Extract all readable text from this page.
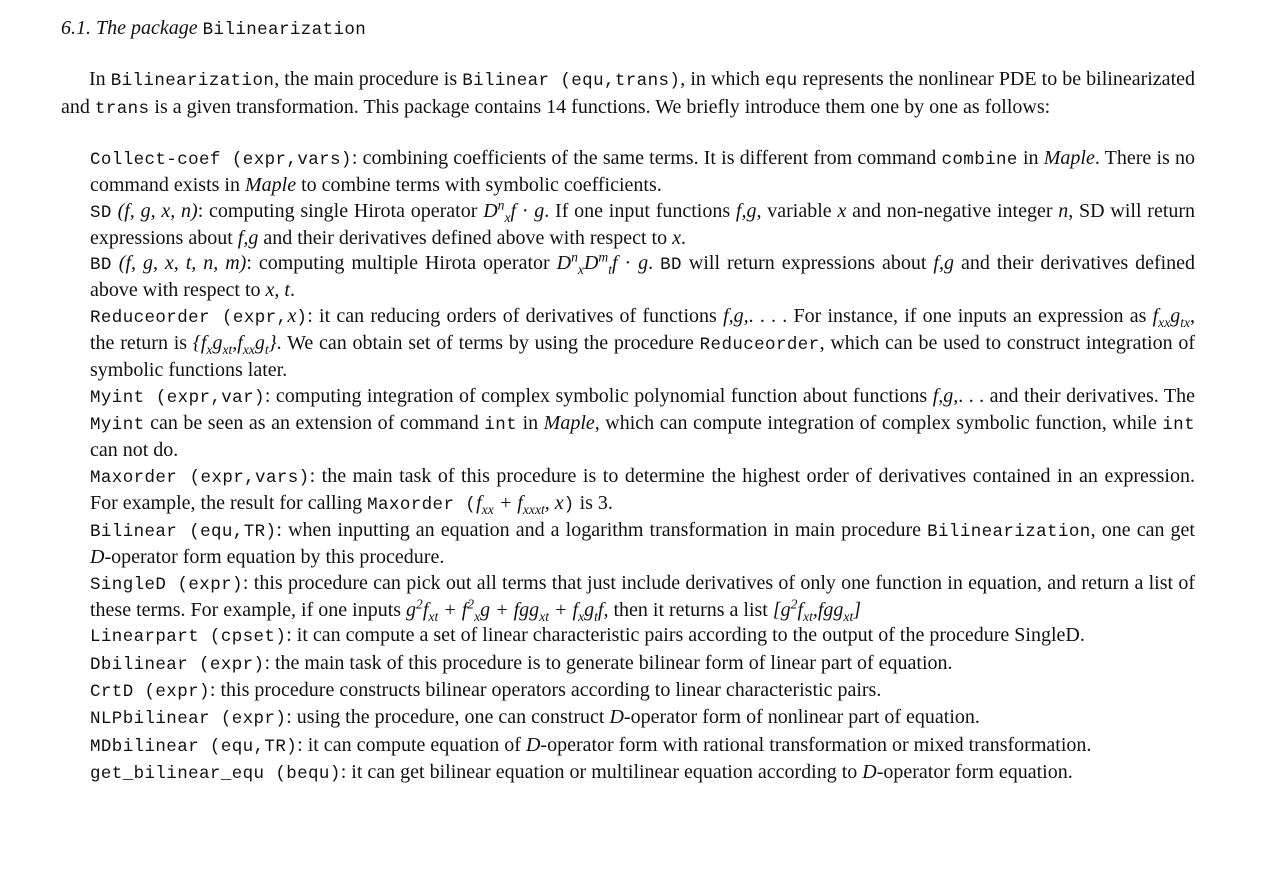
6.1. The package Bilinearization

In Bilinearization, the main procedure is Bilinear (equ,trans), in which equ represents the nonlinear PDE to be bilinearizated and trans is a given transformation. This package contains 14 functions. We briefly introduce them one by one as follows:

Collect-coef (expr,vars): combining coefficients of the same terms. It is different from command combine in Maple. There is no command exists in Maple to combine terms with symbolic coefficients.

SD (f, g, x, n): computing single Hirota operator $D^n_xf \cdot g$. If one input functions f,g, variable x and non-negative integer n, SD will return expressions about f,g and their derivatives defined above with respect to x.

BD (f, g, x, t, n, m): computing multiple Hirota operator $D^n_xD^m_tf \cdot g$. BD will return expressions about f,g and their derivatives defined above with respect to x, t.

Reduceorder (expr,x): it can reducing orders of derivatives of functions f,g,. . . . For instance, if one inputs an expression as $f_{xx}g_{tx}$, the return is $\{f_xg_{xt},f_{xx}g_t\}$. We can obtain set of terms by using the procedure Reduceorder, which can be used to construct integration of symbolic functions later.

Myint (expr,var): computing integration of complex symbolic polynomial function about functions f,g,. . . and their derivatives. The Myint can be seen as an extension of command int in Maple, which can compute integration of complex symbolic function, while int can not do.

Maxorder (expr,vars): the main task of this procedure is to determine the highest order of derivatives contained in an expression. For example, the result for calling Maxorder ($f_{xx} + f_{xxxt}$, x) is 3.

Bilinear (equ,TR): when inputting an equation and a logarithm transformation in main procedure Bilinearization, one can get D-operator form equation by this procedure.

SingleD (expr): this procedure can pick out all terms that just include derivatives of only one function in equation, and return a list of these terms. For example, if one inputs $g^2f_{xt} + f^2_xg + fgg_{xt} + f_xg_tf$, then it returns a list $[g^2f_{xt},fgg_{xt}]$

Linearpart (cpset): it can compute a set of linear characteristic pairs according to the output of the procedure SingleD.

Dbilinear (expr): the main task of this procedure is to generate bilinear form of linear part of equation.

CrtD (expr): this procedure constructs bilinear operators according to linear characteristic pairs.

NLPbilinear (expr): using the procedure, one can construct D-operator form of nonlinear part of equation.

MDbilinear (equ,TR): it can compute equation of D-operator form with rational transformation or mixed transformation.

get_bilinear_equ (bequ): it can get bilinear equation or multilinear equation according to D-operator form equation.
